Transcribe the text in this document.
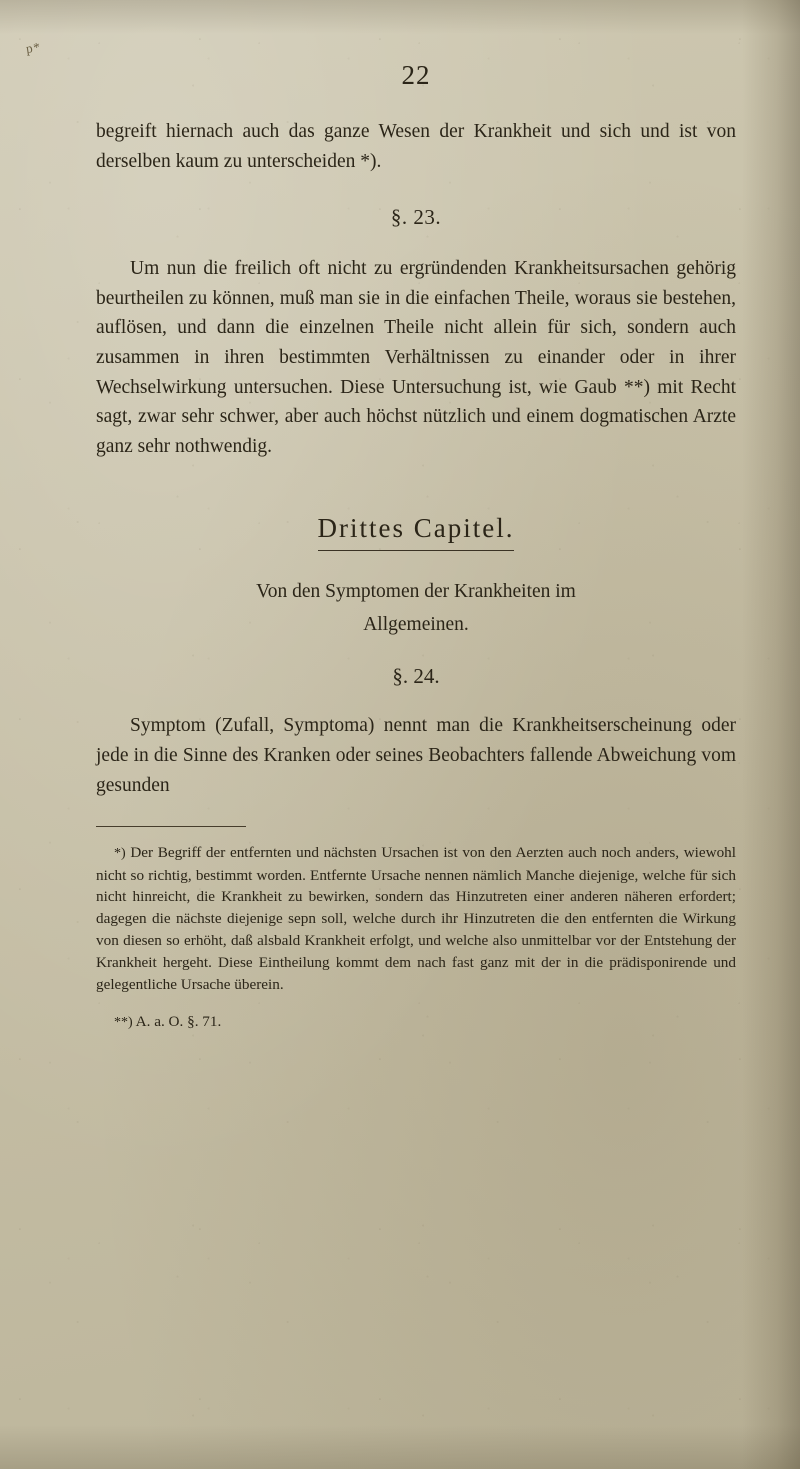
p*
22

begreift hiernach auch das ganze Wesen der Krankheit und sich und ist von derselben kaum zu unterscheiden *).

§. 23.

Um nun die freilich oft nicht zu ergründenden Krankheitsursachen gehörig beurtheilen zu können, muß man sie in die einfachen Theile, woraus sie bestehen, auflösen, und dann die einzelnen Theile nicht allein für sich, sondern auch zusammen in ihren bestimmten Verhältnissen zu einander oder in ihrer Wechselwirkung untersuchen. Diese Untersuchung ist, wie Gaub **) mit Recht sagt, zwar sehr schwer, aber auch höchst nützlich und einem dogmatischen Arzte ganz sehr nothwendig.

Drittes Capitel.
Von den Symptomen der Krankheiten im
Allgemeinen.
§. 24.

Symptom (Zufall, Symptoma) nennt man die Krankheitserscheinung oder jede in die Sinne des Kranken oder seines Beobachters fallende Abweichung vom gesunden

*) Der Begriff der entfernten und nächsten Ursachen ist von den Aerzten auch noch anders, wiewohl nicht so richtig, bestimmt worden. Entfernte Ursache nennen nämlich Manche diejenige, welche für sich nicht hinreicht, die Krankheit zu bewirken, sondern das Hinzutreten einer anderen näheren erfordert; dagegen die nächste diejenige sepn soll, welche durch ihr Hinzutreten die den entfernten die Wirkung von diesen so erhöht, daß alsbald Krankheit erfolgt, und welche also unmittelbar vor der Entstehung der Krankheit hergeht. Diese Eintheilung kommt dem nach fast ganz mit der in die prädisponirende und gelegentliche Ursache überein.

**) A. a. O. §. 71.
